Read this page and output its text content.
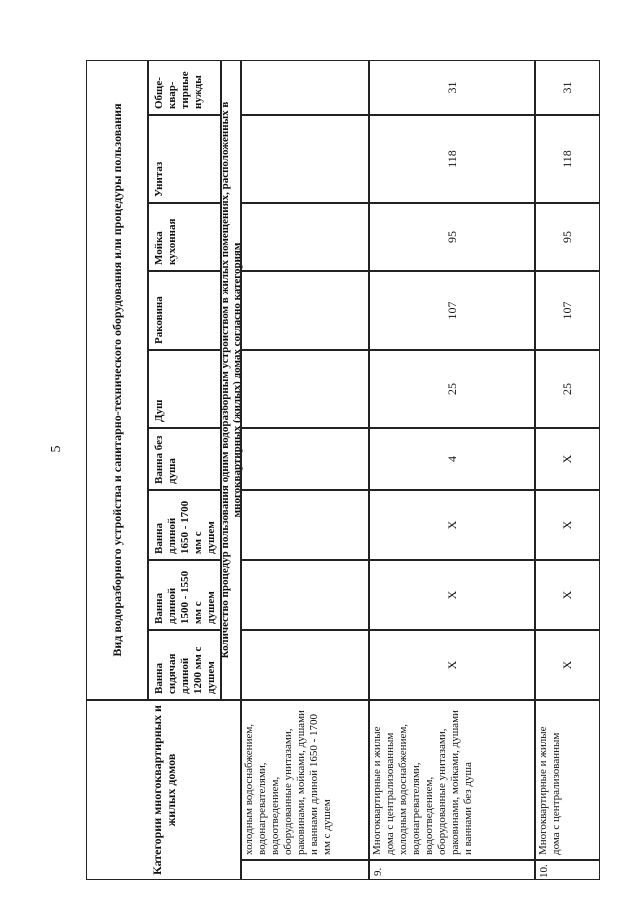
5
Категории многоквартирных и жилых домов
Вид водоразборного устройства и санитарно-технического оборудования или процедуры пользования
Ванна сидячая длиной 1200 мм с душем
Ванна длиной 1500 - 1550 мм с душем
Ванна длиной 1650 - 1700 мм с душем
Ванна без душа
Душ
Раковина
Мойка кухонная
Унитаз
Обще-квар-тирные нужды
Количество процедур пользования одним водоразборным устройством в жилых помещениях, расположенных в многоквартирных (жилых) домах согласно категориям
холодным водоснабжением, водонагревателями, водоотведением, оборудованные унитазами, раковинами, мойками, душами и ваннами длиной 1650 - 1700 мм с душем
9.
Многоквартирные и жилые дома с централизованным холодным водоснабжением, водонагревателями, водоотведением, оборудованные унитазами, раковинами, мойками, душами и ваннами без душа
X
X
X
4
25
107
95
118
31
10.
Многоквартирные и жилые дома с централизованным
X
X
X
X
25
107
95
118
31
